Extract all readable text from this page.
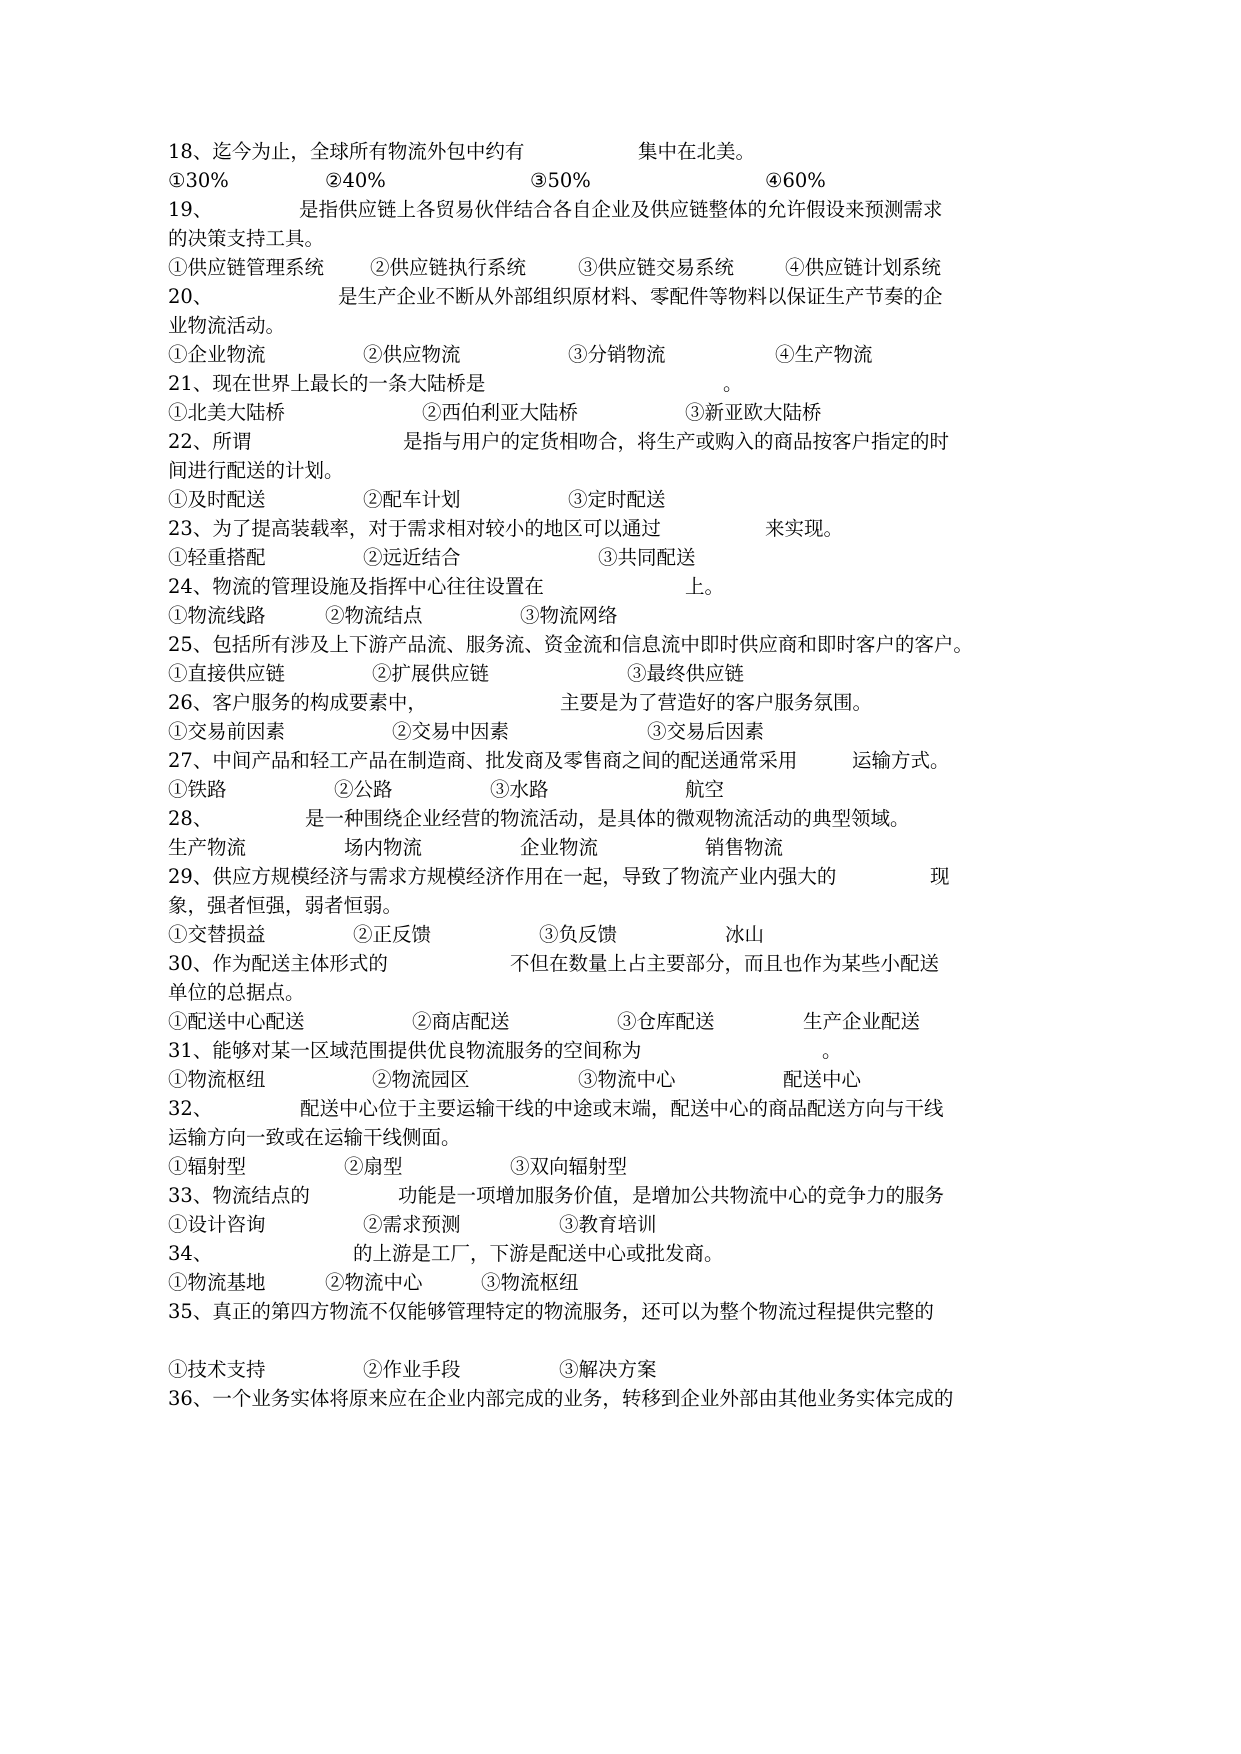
18、迄今为止，全球所有物流外包中约有	集中在北美。
①30%	②40%	③50%	④60%
19、	是指供应链上各贸易伙伴结合各自企业及供应链整体的允许假设来预测需求
的决策支持工具。
①供应链管理系统 ②供应链执行系统	③供应链交易系统	④供应链计划系统
20、	是生产企业不断从外部组织原材料、零配件等物料以保证生产节奏的企
业物流活动。
①企业物流	②供应物流	③分销物流	④生产物流
21、现在世界上最长的一条大陆桥是	。
①北美大陆桥	②西伯利亚大陆桥	③新亚欧大陆桥
22、所谓	是指与用户的定货相吻合，将生产或购入的商品按客户指定的时
间进行配送的计划。
①及时配送	②配车计划	③定时配送
23、为了提高装载率，对于需求相对较小的地区可以通过	来实现。
①轻重搭配	②远近结合	③共同配送
24、物流的管理设施及指挥中心往往设置在	上。
①物流线路	②物流结点	③物流网络
25、包括所有涉及上下游产品流、服务流、资金流和信息流中即时供应商和即时客户的客户。
①直接供应链	②扩展供应链	③最终供应链
26、客户服务的构成要素中，	主要是为了营造好的客户服务氛围。
①交易前因素	②交易中因素	③交易后因素
27、中间产品和轻工产品在制造商、批发商及零售商之间的配送通常采用	运输方式。
①铁路	②公路	③水路	航空
28、	是一种围绕企业经营的物流活动，是具体的微观物流活动的典型领域。
生产物流	场内物流	企业物流	销售物流
29、供应方规模经济与需求方规模经济作用在一起，导致了物流产业内强大的	现
象，强者恒强，弱者恒弱。
①交替损益	②正反馈	③负反馈	冰山
30、作为配送主体形式的	不但在数量上占主要部分，而且也作为某些小配送
单位的总据点。
①配送中心配送	②商店配送	③仓库配送	生产企业配送
31、能够对某一区域范围提供优良物流服务的空间称为	。
①物流枢纽	②物流园区	③物流中心	配送中心
32、	配送中心位于主要运输干线的中途或末端，配送中心的商品配送方向与干线
运输方向一致或在运输干线侧面。
①辐射型	②扇型	③双向辐射型
33、物流结点的	功能是一项增加服务价值，是增加公共物流中心的竞争力的服务
①设计咨询	②需求预测	③教育培训
34、	的上游是工厂，下游是配送中心或批发商。
①物流基地	②物流中心	③物流枢纽
35、真正的第四方物流不仅能够管理特定的物流服务，还可以为整个物流过程提供完整的
①技术支持	②作业手段	③解决方案
36、一个业务实体将原来应在企业内部完成的业务，转移到企业外部由其他业务实体完成的
